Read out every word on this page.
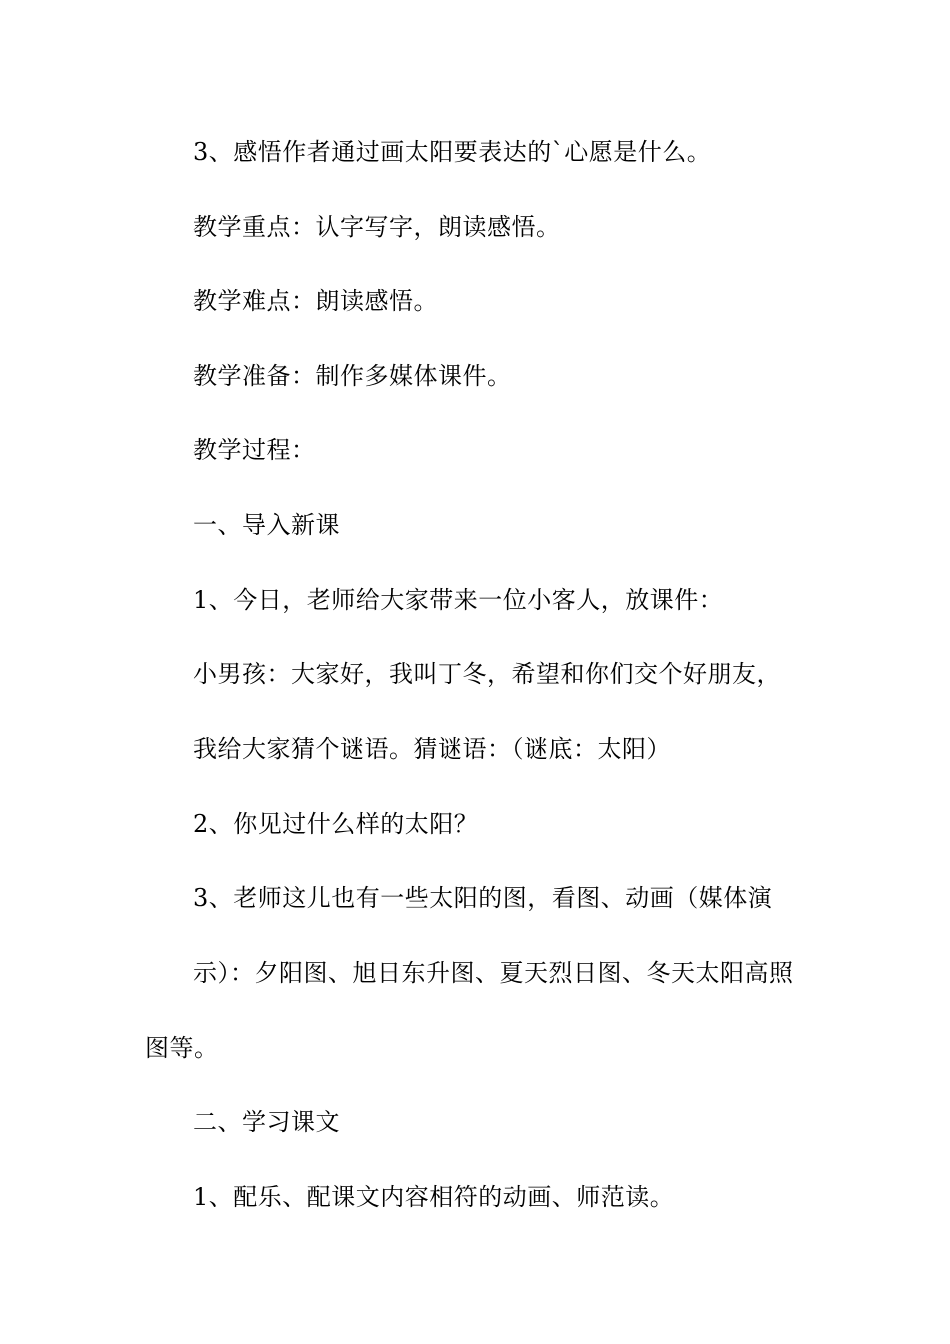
3、感悟作者通过画太阳要表达的`心愿是什么。
教学重点：认字写字，朗读感悟。
教学难点：朗读感悟。
教学准备：制作多媒体课件。
教学过程：
一、导入新课
1、今日，老师给大家带来一位小客人，放课件：
小男孩：大家好，我叫丁冬，希望和你们交个好朋友，
我给大家猜个谜语。猜谜语：（谜底：太阳）
2、你见过什么样的太阳？
3、老师这儿也有一些太阳的图，看图、动画（媒体演
示）：夕阳图、旭日东升图、夏天烈日图、冬天太阳高照
图等。
二、学习课文
1、配乐、配课文内容相符的动画、师范读。
